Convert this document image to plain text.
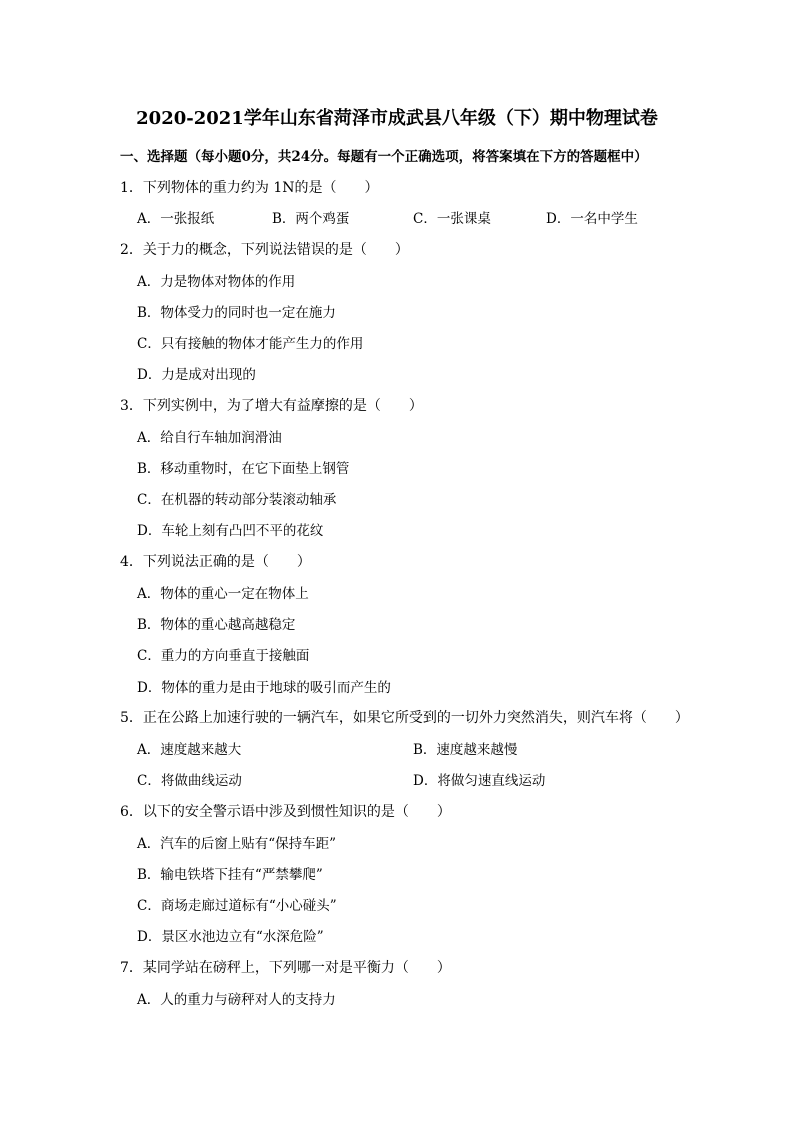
2020-2021学年山东省菏泽市成武县八年级（下）期中物理试卷
一、选择题（每小题0分，共24分。每题有一个正确选项，将答案填在下方的答题框中）
1．下列物体的重力约为 1N的是（　　）
A．一张报纸	B．两个鸡蛋	C．一张课桌	D．一名中学生
2．关于力的概念，下列说法错误的是（　　）
A．力是物体对物体的作用
B．物体受力的同时也一定在施力
C．只有接触的物体才能产生力的作用
D．力是成对出现的
3．下列实例中，为了增大有益摩擦的是（　　）
A．给自行车轴加润滑油
B．移动重物时，在它下面垫上钢管
C．在机器的转动部分装滚动轴承
D．车轮上刻有凸凹不平的花纹
4．下列说法正确的是（　　）
A．物体的重心一定在物体上
B．物体的重心越高越稳定
C．重力的方向垂直于接触面
D．物体的重力是由于地球的吸引而产生的
5．正在公路上加速行驶的一辆汽车，如果它所受到的一切外力突然消失，则汽车将（　　）
A．速度越来越大	B．速度越来越慢
C．将做曲线运动	D．将做匀速直线运动
6．以下的安全警示语中涉及到惯性知识的是（　　）
A．汽车的后窗上贴有“保持车距”
B．输电铁塔下挂有“严禁攀爬”
C．商场走廊过道标有“小心碰头”
D．景区水池边立有“水深危险”
7．某同学站在磅秤上，下列哪一对是平衡力（　　）
A．人的重力与磅秤对人的支持力
